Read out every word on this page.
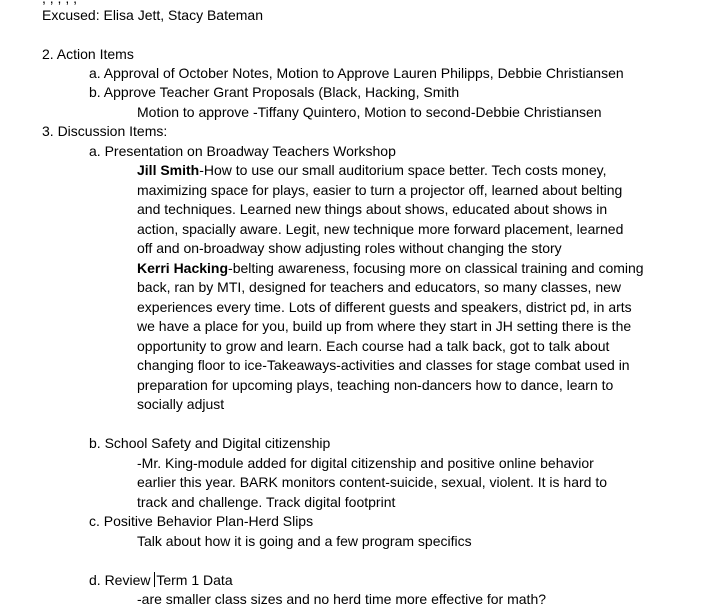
Excused: Elisa Jett, Stacy Bateman
2. Action Items
a. Approval of October Notes, Motion to Approve Lauren Philipps, Debbie Christiansen
b. Approve Teacher Grant Proposals (Black, Hacking, Smith
Motion to approve -Tiffany Quintero, Motion to second-Debbie Christiansen
3. Discussion Items:
a. Presentation on Broadway Teachers Workshop
Jill Smith-How to use our small auditorium space better. Tech costs money,
maximizing space for plays, easier to turn a projector off, learned about belting
and techniques. Learned new things about shows, educated about shows in
action, spacially aware. Legit, new technique more forward placement, learned
off and on-broadway show adjusting roles without changing the story
Kerri Hacking-belting awareness, focusing more on classical training and coming
back, ran by MTI, designed for teachers and educators, so many classes, new
experiences every time. Lots of different guests and speakers, district pd, in arts
we have a place for you, build up from where they start in JH setting there is the
opportunity to grow and learn. Each course had a talk back, got to talk about
changing floor to ice-Takeaways-activities and classes for stage combat used in
preparation for upcoming plays, teaching non-dancers how to dance, learn to
socially adjust
b. School Safety and Digital citizenship
-Mr. King-module added for digital citizenship and positive online behavior
earlier this year. BARK monitors content-suicide, sexual, violent. It is hard to
track and challenge. Track digital footprint
c. Positive Behavior Plan-Herd Slips
Talk about how it is going and a few program specifics
d. Review Term 1 Data
-are smaller class sizes and no herd time more effective for math?
